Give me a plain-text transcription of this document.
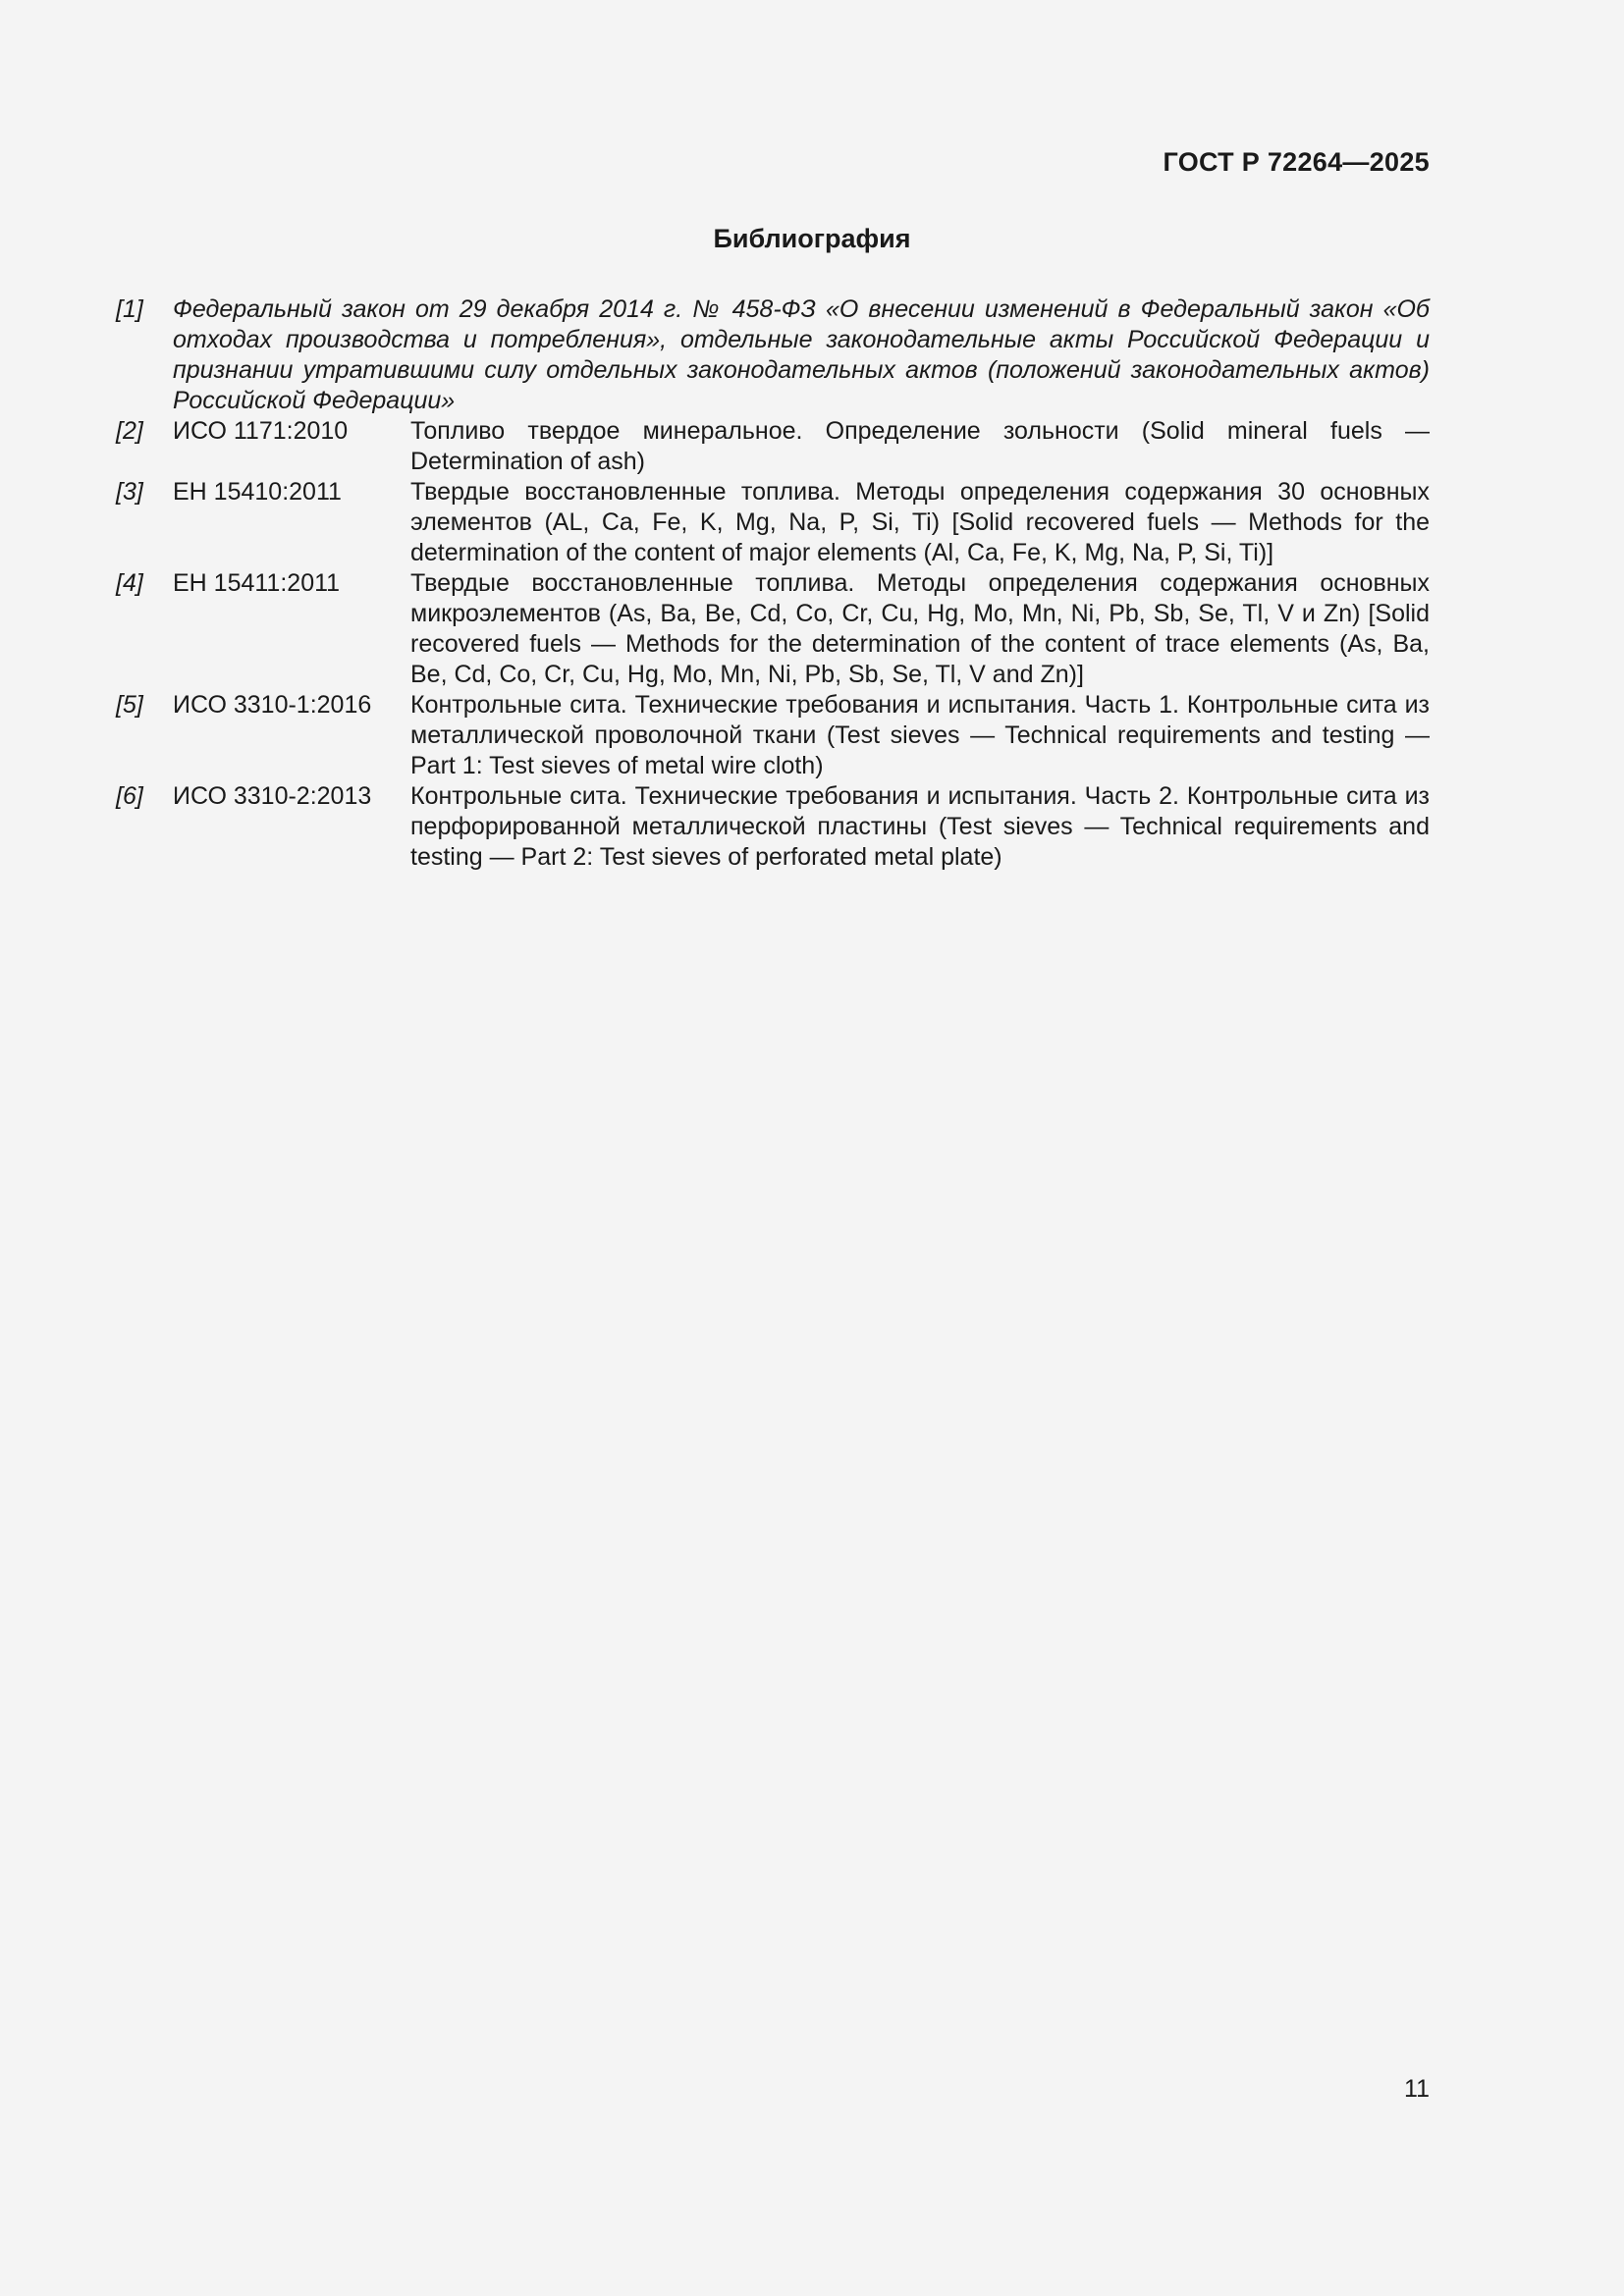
ГОСТ Р 72264—2025
Библиография
[1]	Федеральный закон от 29 декабря 2014 г. № 458-ФЗ «О внесении изменений в Федеральный закон «Об отходах производства и потребления», отдельные законодательные акты Российской Федерации и признании утратившими силу отдельных законодательных актов (положений законодательных актов) Российской Федерации»
[2]	ИСО 1171:2010	Топливо твердое минеральное. Определение зольности (Solid mineral fuels — Determination of ash)
[3]	ЕН 15410:2011	Твердые восстановленные топлива. Методы определения содержания 30 основных элементов (AL, Ca, Fe, K, Mg, Na, P, Si, Ti) [Solid recovered fuels — Methods for the determination of the content of major elements (Al, Ca, Fe, K, Mg, Na, P, Si, Ti)]
[4]	ЕН 15411:2011	Твердые восстановленные топлива. Методы определения содержания основных микроэлементов (As, Ba, Be, Cd, Co, Cr, Cu, Hg, Mo, Mn, Ni, Pb, Sb, Se, Tl, V и Zn) [Solid recovered fuels — Methods for the determination of the content of trace elements (As, Ba, Be, Cd, Co, Cr, Cu, Hg, Mo, Mn, Ni, Pb, Sb, Se, Tl, V and Zn)]
[5]	ИСО 3310-1:2016	Контрольные сита. Технические требования и испытания. Часть 1. Контрольные сита из металлической проволочной ткани (Test sieves — Technical requirements and testing — Part 1: Test sieves of metal wire cloth)
[6]	ИСО 3310-2:2013	Контрольные сита. Технические требования и испытания. Часть 2. Контрольные сита из перфорированной металлической пластины (Test sieves — Technical requirements and testing — Part 2: Test sieves of perforated metal plate)
11
